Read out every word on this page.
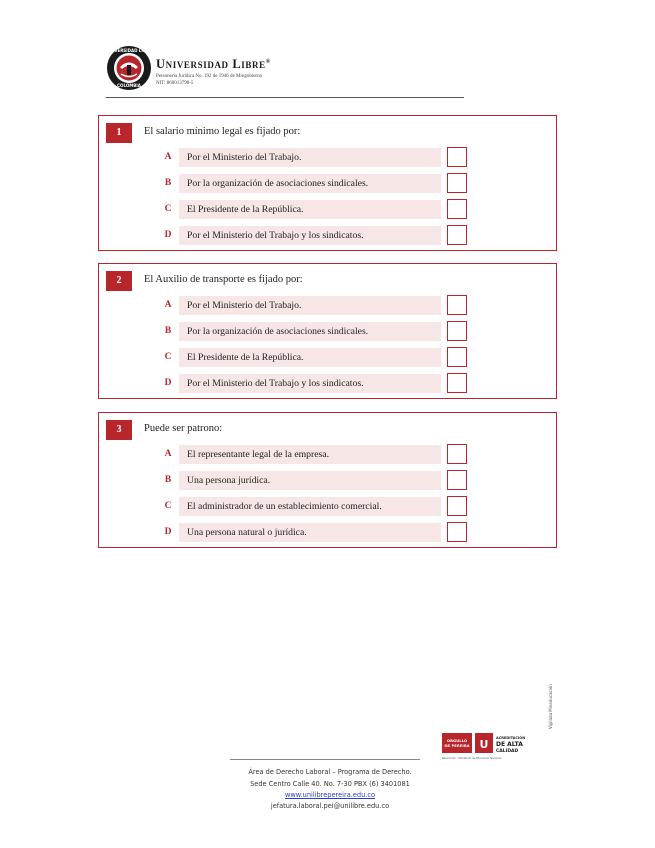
UNIVERSIDAD LIBRE
COLOMBIA
Universidad Libre®
Personería Jurídica No. 192 de 1946 de Mingobierno
NIT: 860013798-5
1	El salario mínimo legal es fijado por:
A	Por el Ministerio del Trabajo.
B	Por la organización de asociaciones sindicales.
C	El Presidente de la República.
D	Por el Ministerio del Trabajo y los sindicatos.
2	El Auxilio de transporte es fijado por:
A	Por el Ministerio del Trabajo.
B	Por la organización de asociaciones sindicales.
C	El Presidente de la República.
D	Por el Ministerio del Trabajo y los sindicatos.
3	Puede ser patrono:
A	El representante legal de la empresa.
B	Una persona jurídica.
C	El administrador de un establecimiento comercial.
D	Una persona natural o jurídica.
ORGULLO
DE PEREIRA U ACREDITACIÓN
DE ALTA
CALIDAD
Resolución · Ministerio de Educación Nacional
Vigilada Mineducación
Área de Derecho Laboral – Programa de Derecho.
Sede Centro Calle 40. No. 7-30 PBX (6) 3401081
www.unilibrepereira.edu.co
jefatura.laboral.pei@unilibre.edu.co
